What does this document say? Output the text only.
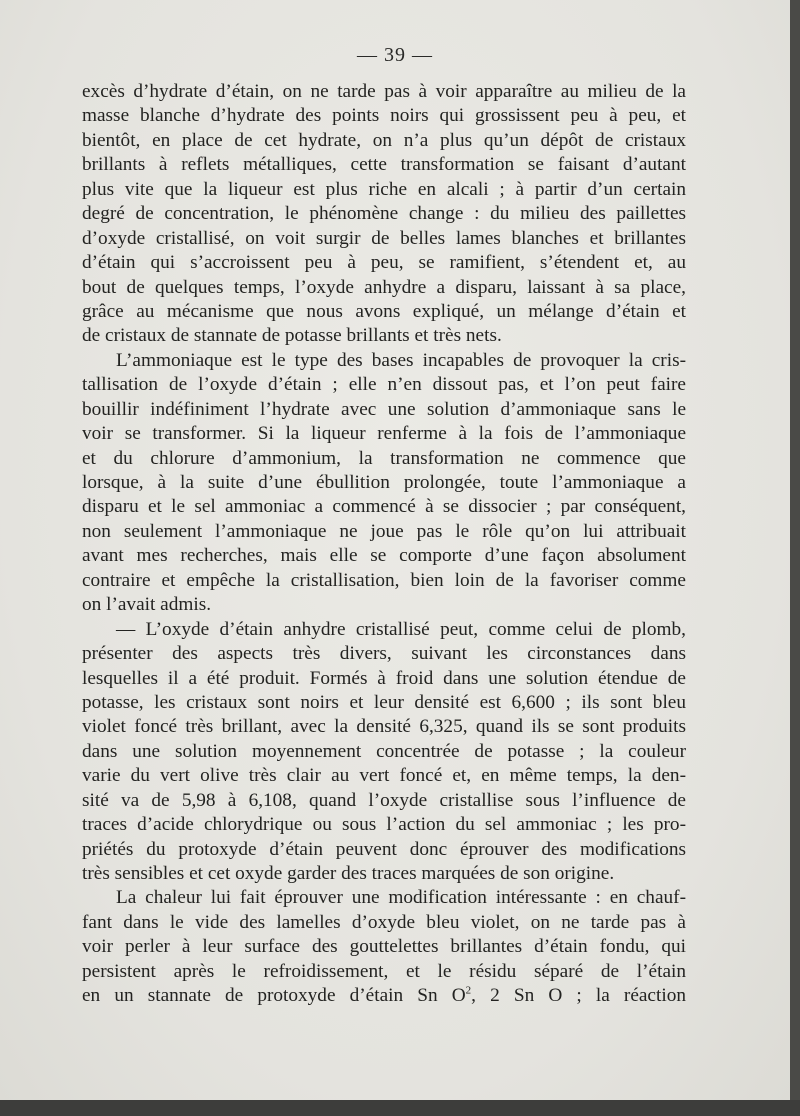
— 39 —
excès d’hydrate d’étain, on ne tarde pas à voir apparaître au milieu de la
masse blanche d’hydrate des points noirs qui grossissent peu à peu, et
bientôt, en place de cet hydrate, on n’a plus qu’un dépôt de cristaux
brillants à reflets métalliques, cette transformation se faisant d’autant
plus vite que la liqueur est plus riche en alcali ; à partir d’un certain
degré de concentration, le phénomène change : du milieu des paillettes
d’oxyde cristallisé, on voit surgir de belles lames blanches et brillantes
d’étain qui s’accroissent peu à peu, se ramifient, s’étendent et, au
bout de quelques temps, l’oxyde anhydre a disparu, laissant à sa place,
grâce au mécanisme que nous avons expliqué, un mélange d’étain et
de cristaux de stannate de potasse brillants et très nets.
L’ammoniaque est le type des bases incapables de provoquer la cris-
tallisation de l’oxyde d’étain ; elle n’en dissout pas, et l’on peut faire
bouillir indéfiniment l’hydrate avec une solution d’ammoniaque sans le
voir se transformer. Si la liqueur renferme à la fois de l’ammoniaque
et du chlorure d’ammonium, la transformation ne commence que
lorsque, à la suite d’une ébullition prolongée, toute l’ammoniaque a
disparu et le sel ammoniac a commencé à se dissocier ; par conséquent,
non seulement l’ammoniaque ne joue pas le rôle qu’on lui attribuait
avant mes recherches, mais elle se comporte d’une façon absolument
contraire et empêche la cristallisation, bien loin de la favoriser comme
on l’avait admis.
— L’oxyde d’étain anhydre cristallisé peut, comme celui de plomb,
présenter des aspects très divers, suivant les circonstances dans
lesquelles il a été produit. Formés à froid dans une solution étendue de
potasse, les cristaux sont noirs et leur densité est 6,600 ; ils sont bleu
violet foncé très brillant, avec la densité 6,325, quand ils se sont produits
dans une solution moyennement concentrée de potasse ; la couleur
varie du vert olive très clair au vert foncé et, en même temps, la den-
sité va de 5,98 à 6,108, quand l’oxyde cristallise sous l’influence de
traces d’acide chlorydrique ou sous l’action du sel ammoniac ; les pro-
priétés du protoxyde d’étain peuvent donc éprouver des modifications
très sensibles et cet oxyde garder des traces marquées de son origine.
La chaleur lui fait éprouver une modification intéressante : en chauf-
fant dans le vide des lamelles d’oxyde bleu violet, on ne tarde pas à
voir perler à leur surface des gouttelettes brillantes d’étain fondu, qui
persistent après le refroidissement, et le résidu séparé de l’étain
en un stannate de protoxyde d’étain Sn $O^2$, 2 Sn O ; la réaction
